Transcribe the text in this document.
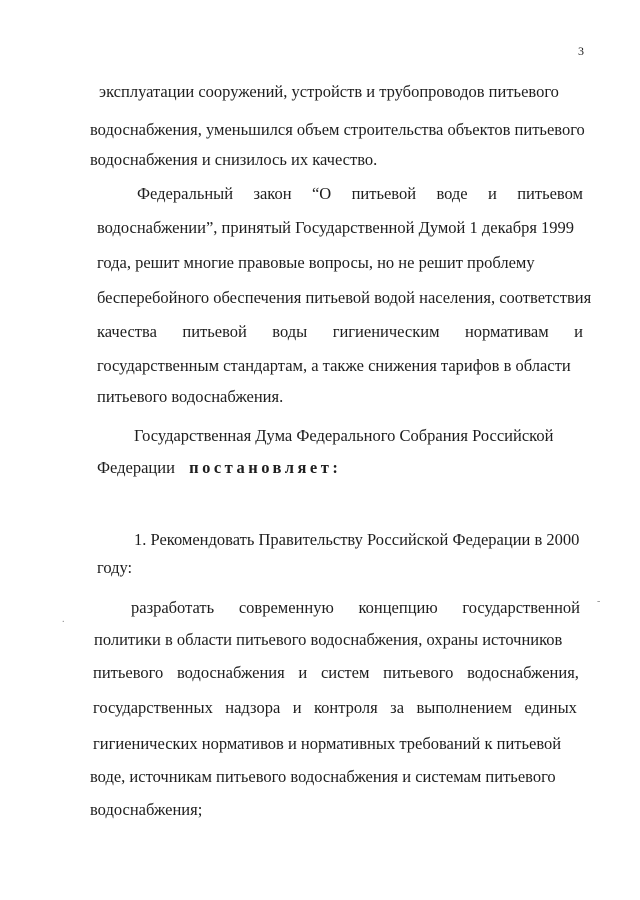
3
эксплуатации сооружений, устройств и трубопроводов питьевого
водоснабжения, уменьшился объем строительства объектов питьевого
водоснабжения и снизилось их качество.
Федеральный закон “О питьевой воде и питьевом
водоснабжении”, принятый Государственной Думой 1 декабря 1999
года, решит многие правовые вопросы, но не решит проблему
бесперебойного обеспечения питьевой водой населения, соответствия
качества питьевой воды гигиеническим нормативам и
государственным стандартам, а также снижения тарифов в области
питьевого водоснабжения.
Государственная Дума Федерального Собрания Российской
Федерации постановляет:
1. Рекомендовать Правительству Российской Федерации в 2000
году:
разработать современную концепцию государственной
политики в области питьевого водоснабжения, охраны источников
питьевого водоснабжения и систем питьевого водоснабжения,
государственных надзора и контроля за выполнением единых
гигиенических нормативов и нормативных требований к питьевой
воде, источникам питьевого водоснабжения и системам питьевого
водоснабжения;
-
.
